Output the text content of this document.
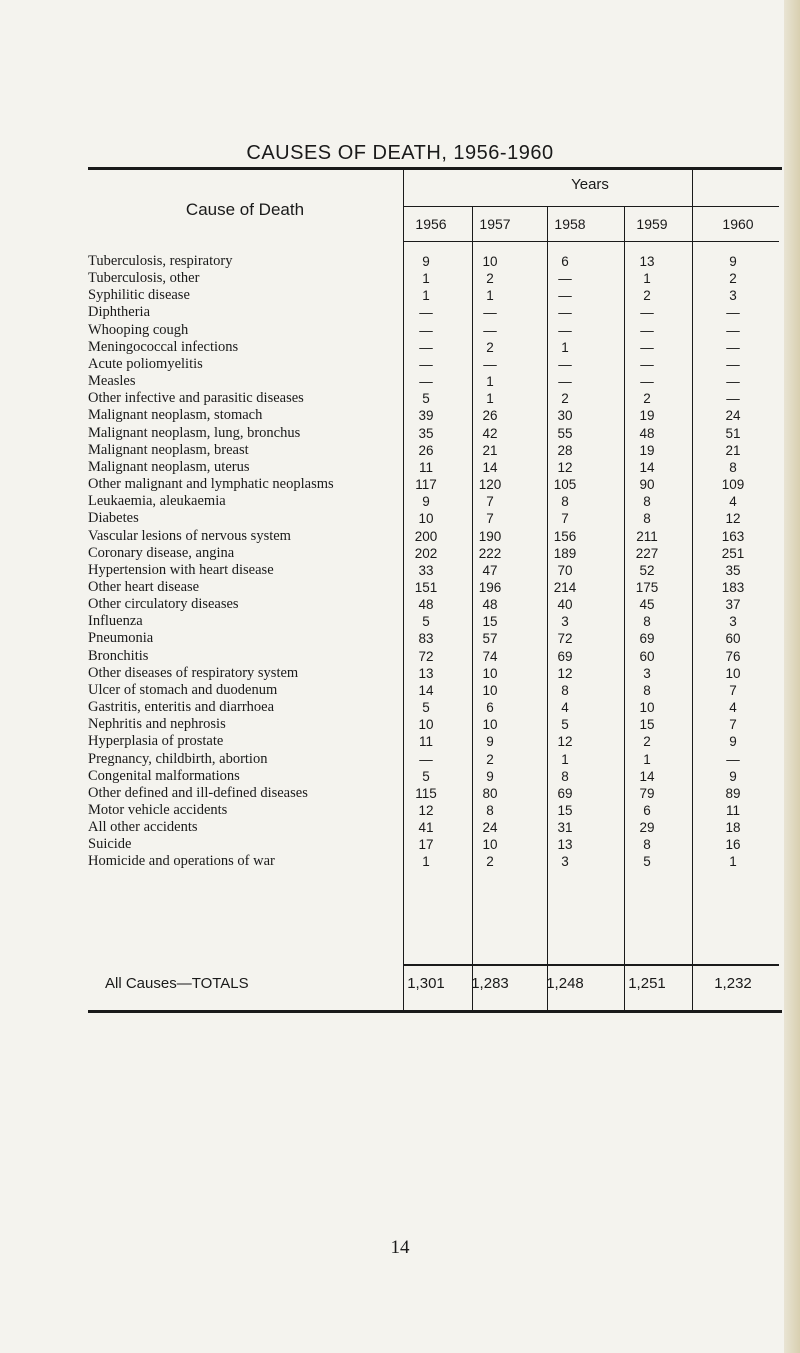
CAUSES OF DEATH, 1956-1960
Cause of Death
Years
1956	1957	1958	1959	1960
Tuberculosis, respiratory	9	10	6	13	9
Tuberculosis, other	1	2	—	1	2
Syphilitic disease	1	1	—	2	3
Diphtheria	—	—	—	—	—
Whooping cough	—	—	—	—	—
Meningococcal infections	—	2	1	—	—
Acute poliomyelitis	—	—	—	—	—
Measles	—	1	—	—	—
Other infective and parasitic diseases	5	1	2	2	—
Malignant neoplasm, stomach	39	26	30	19	24
Malignant neoplasm, lung, bronchus	35	42	55	48	51
Malignant neoplasm, breast	26	21	28	19	21
Malignant neoplasm, uterus	11	14	12	14	8
Other malignant and lymphatic neoplasms	117	120	105	90	109
Leukaemia, aleukaemia	9	7	8	8	4
Diabetes	10	7	7	8	12
Vascular lesions of nervous system	200	190	156	211	163
Coronary disease, angina	202	222	189	227	251
Hypertension with heart disease	33	47	70	52	35
Other heart disease	151	196	214	175	183
Other circulatory diseases	48	48	40	45	37
Influenza	5	15	3	8	3
Pneumonia	83	57	72	69	60
Bronchitis	72	74	69	60	76
Other diseases of respiratory system	13	10	12	3	10
Ulcer of stomach and duodenum	14	10	8	8	7
Gastritis, enteritis and diarrhoea	5	6	4	10	4
Nephritis and nephrosis	10	10	5	15	7
Hyperplasia of prostate	11	9	12	2	9
Pregnancy, childbirth, abortion	—	2	1	1	—
Congenital malformations	5	9	8	14	9
Other defined and ill-defined diseases	115	80	69	79	89
Motor vehicle accidents	12	8	15	6	11
All other accidents	41	24	31	29	18
Suicide	17	10	13	8	16
Homicide and operations of war	1	2	3	5	1
All Causes—TOTALS	1,301	1,283	1,248	1,251	1,232
14
